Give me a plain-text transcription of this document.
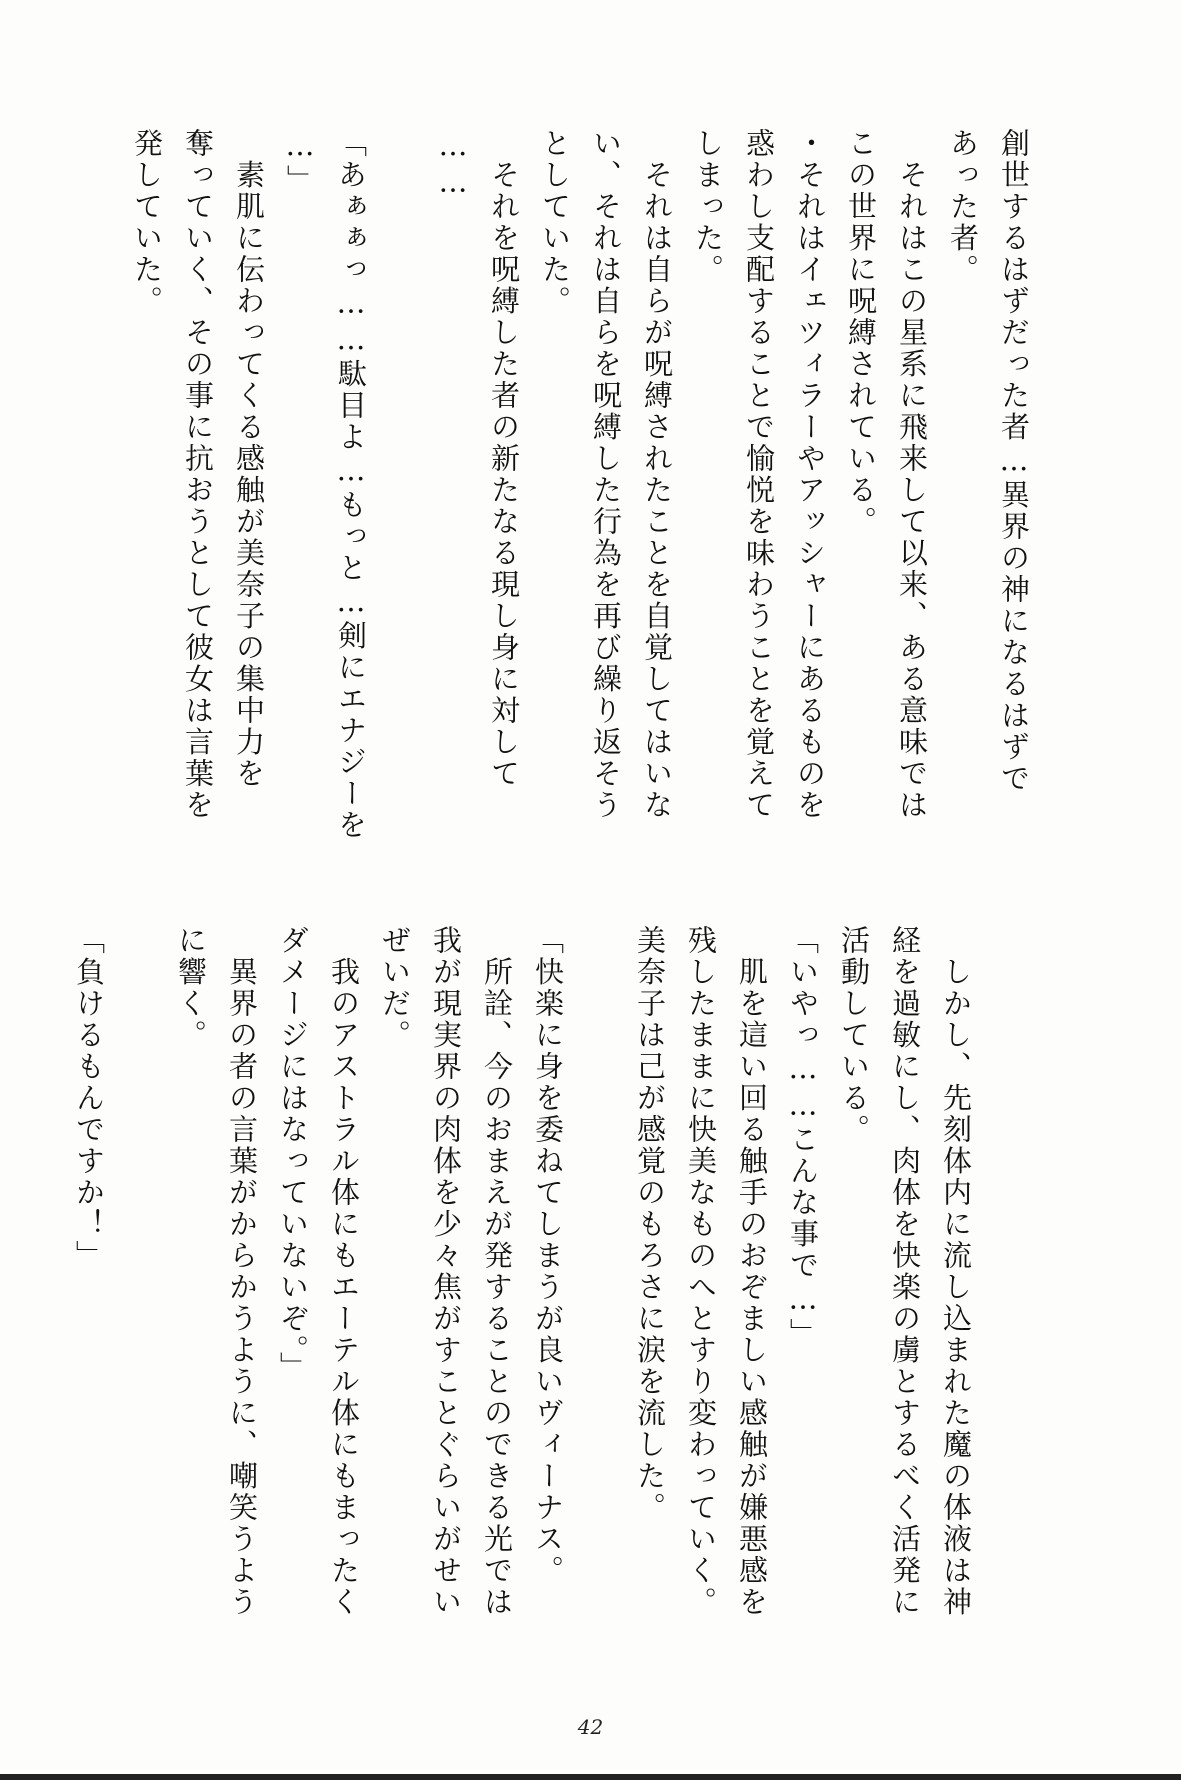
創世するはずだった者…異界の神になるはずで
あった者。
　それはこの星系に飛来して以来、ある意味では
この世界に呪縛されている。
・それはイェツィラーやアッシャーにあるものを
惑わし支配することで愉悦を味わうことを覚えて
しまった。
　それは自らが呪縛されたことを自覚してはいな
い、それは自らを呪縛した行為を再び繰り返そう
としていた。
　それを呪縛した者の新たなる現し身に対して
……

「あぁぁっ……駄目よ…もっと…剣にエナジーを
…」
　素肌に伝わってくる感触が美奈子の集中力を
奪っていく、その事に抗おうとして彼女は言葉を
発していた。
　しかし、先刻体内に流し込まれた魔の体液は神
経を過敏にし、肉体を快楽の虜とするべく活発に
活動している。
「いやっ……こんな事で…」
　肌を這い回る触手のおぞましい感触が嫌悪感を
残したままに快美なものへとすり変わっていく。
美奈子は己が感覚のもろさに涙を流した。

「快楽に身を委ねてしまうが良いヴィーナス。
　所詮、今のおまえが発することのできる光では
我が現実界の肉体を少々焦がすことぐらいがせい
ぜいだ。
　我のアストラル体にもエーテル体にもまったく
ダメージにはなっていないぞ。」
　異界の者の言葉がからかうように、嘲笑うよう
に響く。

「負けるもんですか！」
42
